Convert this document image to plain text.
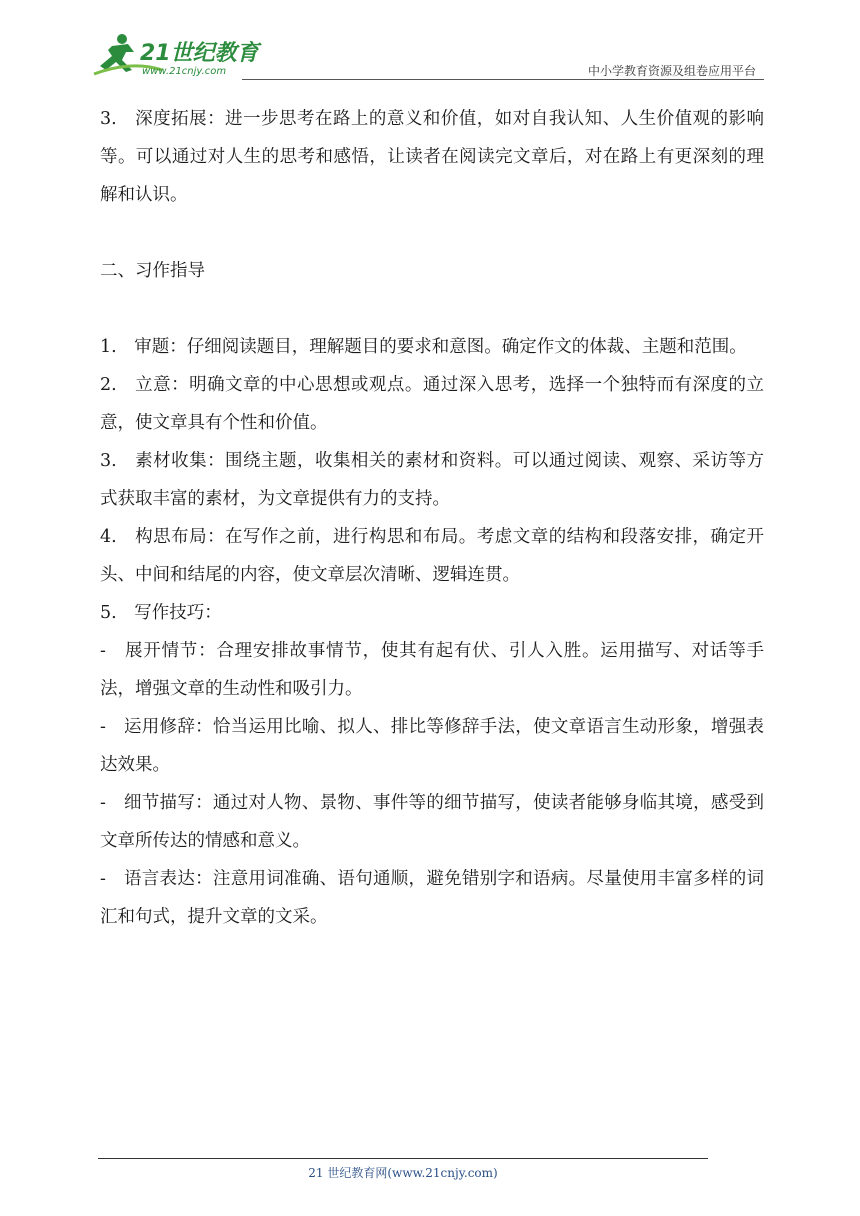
21世纪教育
www.21cnjy.com	中小学教育资源及组卷应用平台

3.　深度拓展：进一步思考在路上的意义和价值，如对自我认知、人生价值观的影响等。可以通过对人生的思考和感悟，让读者在阅读完文章后，对在路上有更深刻的理解和认识。

二、习作指导

1.　审题：仔细阅读题目，理解题目的要求和意图。确定作文的体裁、主题和范围。

2.　立意：明确文章的中心思想或观点。通过深入思考，选择一个独特而有深度的立意，使文章具有个性和价值。

3.　素材收集：围绕主题，收集相关的素材和资料。可以通过阅读、观察、采访等方式获取丰富的素材，为文章提供有力的支持。

4.　构思布局：在写作之前，进行构思和布局。考虑文章的结构和段落安排，确定开头、中间和结尾的内容，使文章层次清晰、逻辑连贯。

5.　写作技巧：

-　展开情节：合理安排故事情节，使其有起有伏、引人入胜。运用描写、对话等手法，增强文章的生动性和吸引力。

-　运用修辞：恰当运用比喻、拟人、排比等修辞手法，使文章语言生动形象，增强表达效果。

-　细节描写：通过对人物、景物、事件等的细节描写，使读者能够身临其境，感受到文章所传达的情感和意义。

-　语言表达：注意用词准确、语句通顺，避免错别字和语病。尽量使用丰富多样的词汇和句式，提升文章的文采。

21 世纪教育网(www.21cnjy.com)
